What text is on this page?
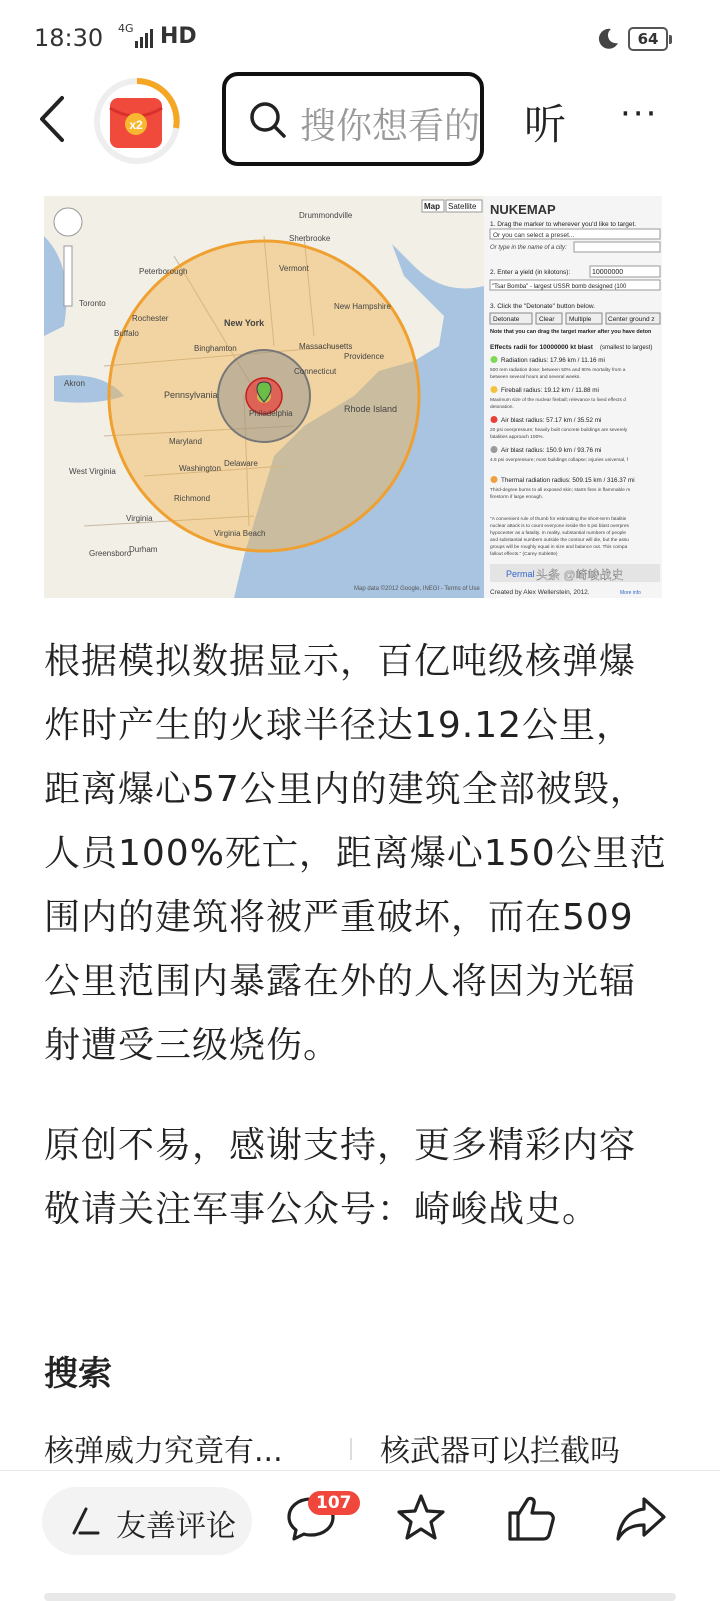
18:30 4G HD	64
x2	搜你想看的 听 ···
Vermont
New York
New Hampshire
Massachusetts
Connecticut
Rhode Island
Pennsylvania
Maryland
Delaware
Virginia
West Virginia
Providence
Binghamton
Philadelphia
Washington
Rochester
Buffalo
Richmond
Virginia Beach
Greensboro
Durham
Peterborough
Toronto
Drummondville
Sherbrooke
Akron
Map Satellite
Map data ©2012 Google, INEGI - Terms of Use
NUKEMAP
1. Drag the marker to wherever you'd like to target.
Or you can select a preset...
Or type in the name of a city:
2. Enter a yield (in kilotons):	10000000
"Tsar Bomba" - largest USSR bomb designed (100
3. Click the "Detonate" button below.
Detonate	Clear Multiple	Center ground z
Note that you can drag the target marker after you have deton
Effects radii for 10000000 kt blast (smallest to largest)
Radiation radius: 17.96 km / 11.16 mi
500 rem radiation dose; between 50% and 90% mortality from a
between several hours and several weeks.
Fireball radius: 19.12 km / 11.88 mi
Maximum size of the nuclear fireball; relevance to lived effects d
detonation.
Air blast radius: 57.17 km / 35.52 mi
20 psi overpressure; heavily built concrete buildings are severely
fatalities approach 100%.
Air blast radius: 150.9 km / 93.76 mi
4.6 psi overpressure; most buildings collapse; injuries universal, f
Thermal radiation radius: 509.15 km / 316.37 mi
Third-degree burns to all exposed skin; starts fires in flammable m
firestorm if large enough.
"A convenient rule of thumb for estimating the short-term fatalitie
nuclear attack is to count everyone inside the 5 psi blast overpres
hypocenter as a fatality. In reality, substantial numbers of people
and substantial numbers outside the contour will die, but the assu
groups will be roughly equal in size and balance out. This compa
fallout effects." (Carey Sublette)
Permal 头条 @崎峻战史
Created by Alex Wellerstein, 2012.	More info
根据模拟数据显示，百亿吨级核弹爆
炸时产生的火球半径达19.12公里，
距离爆心57公里内的建筑全部被毁，
人员100%死亡，距离爆心150公里范
围内的建筑将被严重破坏，而在509
公里范围内暴露在外的人将因为光辐
射遭受三级烧伤。
原创不易，感谢支持，更多精彩内容
敬请关注军事公众号：崎峻战史。
搜索
核弹威力究竟有...	核武器可以拦截吗
友善评论
107
